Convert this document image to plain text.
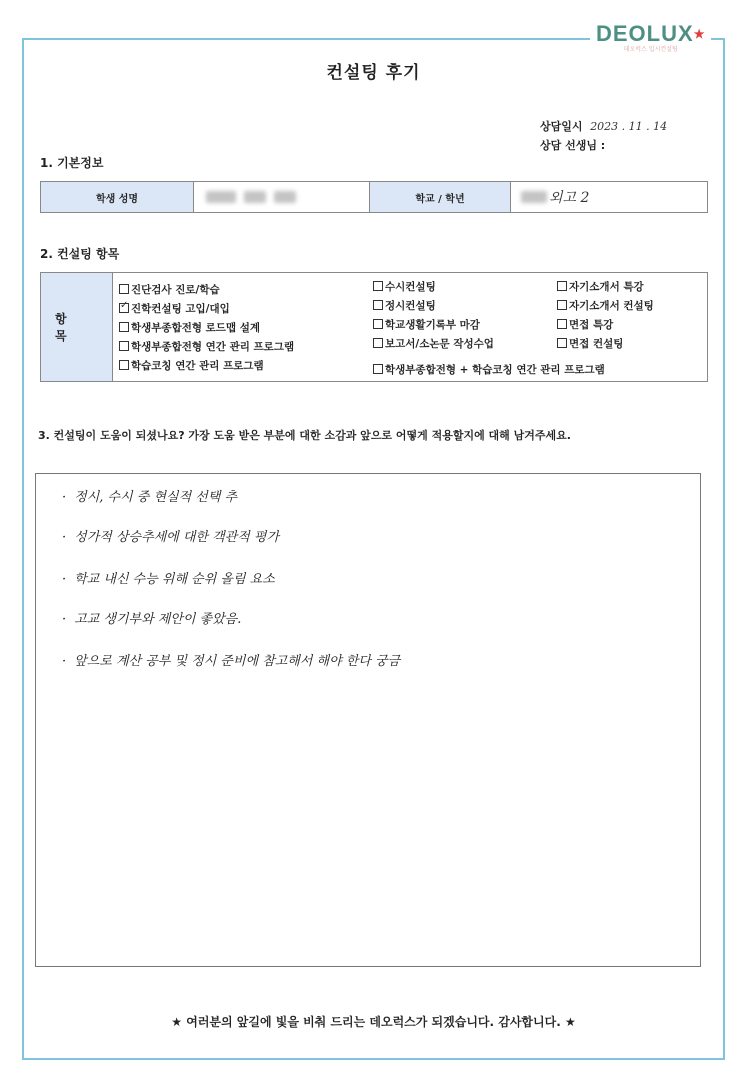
DEOLUX★
데오럭스 입시컨설팅
컨설팅 후기
상담일시 2023 . 11 . 14
상담 선생님 :
1. 기본정보
학생 성명	학교 / 학년	외고 2
2. 컨설팅 항목
항 목
진단검사 진로/학습
✓진학컨설팅 고입/대입
학생부종합전형 로드맵 설계
학생부종합전형 연간 관리 프로그램
학습코칭 연간 관리 프로그램
수시컨설팅
정시컨설팅
학교생활기록부 마감
보고서/소논문 작성수업
학생부종합전형 + 학습코칭 연간 관리 프로그램
자기소개서 특강
자기소개서 컨설팅
면접 특강
면접 컨설팅
3. 컨설팅이 도움이 되셨나요? 가장 도움 받은 부분에 대한 소감과 앞으로 어떻게 적용할지에 대해 남겨주세요.
· 정시, 수시 중 현실적 선택 추
· 성가적 상승추세에 대한 객관적 평가
· 학교 내신 수능 위해 순위 올림 요소
· 고교 생기부와 제안이 좋았음.
· 앞으로 계산 공부 및 정시 준비에 참고해서 해야 한다 궁금
★ 여러분의 앞길에 빛을 비춰 드리는 데오럭스가 되겠습니다. 감사합니다. ★
